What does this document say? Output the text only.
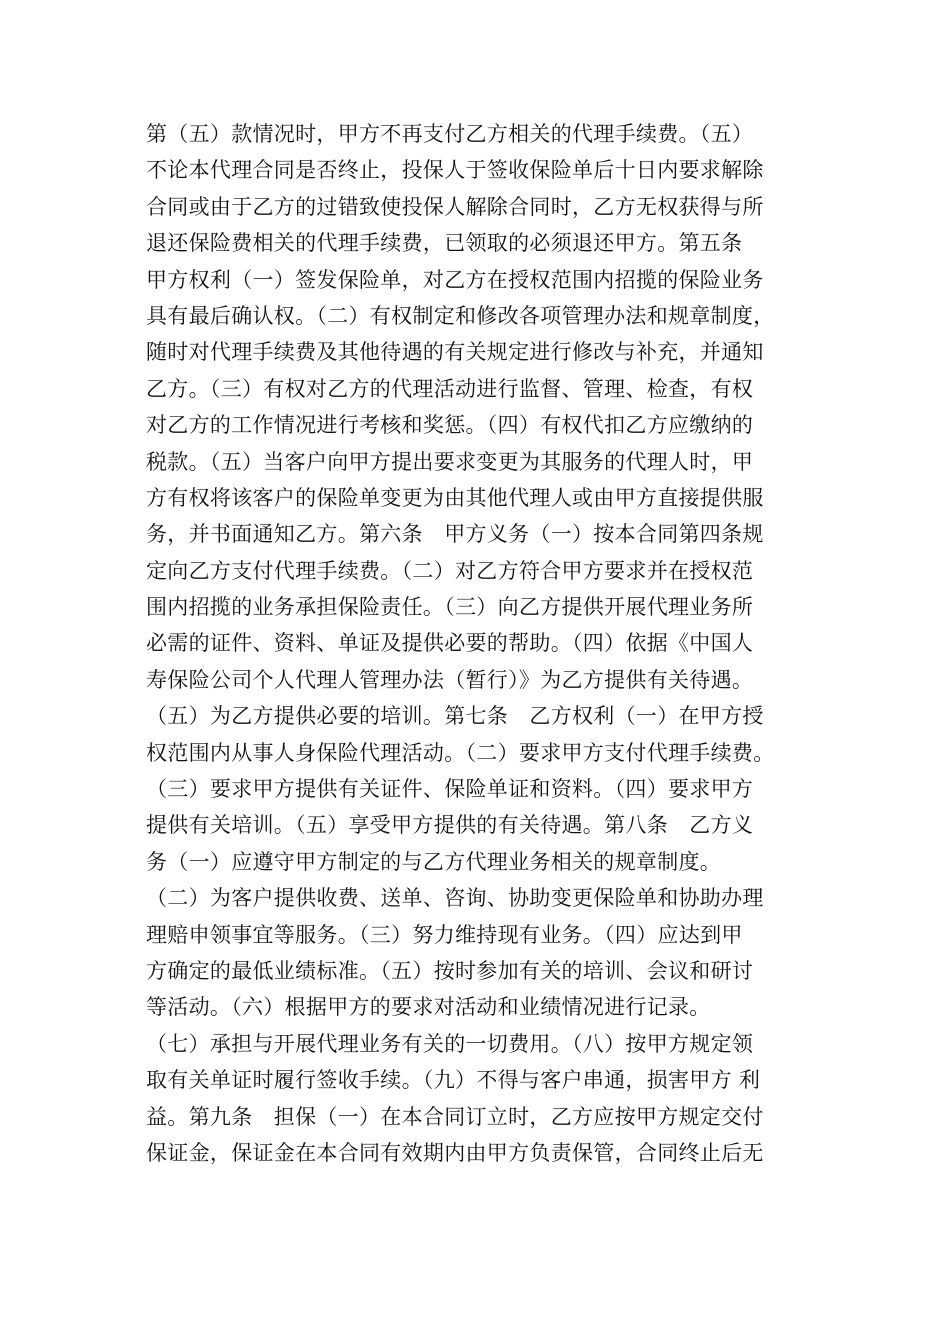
第（五）款情况时，甲方不再支付乙方相关的代理手续费。（五）
不论本代理合同是否终止，投保人于签收保险单后十日内要求解除
合同或由于乙方的过错致使投保人解除合同时，乙方无权获得与所
退还保险费相关的代理手续费，已领取的必须退还甲方。第五条
甲方权利（一）签发保险单，对乙方在授权范围内招揽的保险业务
具有最后确认权。（二）有权制定和修改各项管理办法和规章制度，
随时对代理手续费及其他待遇的有关规定进行修改与补充，并通知
乙方。（三）有权对乙方的代理活动进行监督、管理、检查，有权
对乙方的工作情况进行考核和奖惩。（四）有权代扣乙方应缴纳的
税款。（五）当客户向甲方提出要求变更为其服务的代理人时，甲
方有权将该客户的保险单变更为由其他代理人或由甲方直接提供服
务，并书面通知乙方。第六条　甲方义务（一）按本合同第四条规
定向乙方支付代理手续费。（二）对乙方符合甲方要求并在授权范
围内招揽的业务承担保险责任。（三）向乙方提供开展代理业务所
必需的证件、资料、单证及提供必要的帮助。（四）依据《中国人
寿保险公司个人代理人管理办法（暂行）》为乙方提供有关待遇。
（五）为乙方提供必要的培训。第七条　乙方权利（一）在甲方授
权范围内从事人身保险代理活动。（二）要求甲方支付代理手续费。
（三）要求甲方提供有关证件、保险单证和资料。（四）要求甲方
提供有关培训。（五）享受甲方提供的有关待遇。第八条　乙方义
务（一）应遵守甲方制定的与乙方代理业务相关的规章制度。
（二）为客户提供收费、送单、咨询、协助变更保险单和协助办理
理赔申领事宜等服务。（三）努力维持现有业务。（四）应达到甲
方确定的最低业绩标准。（五）按时参加有关的培训、会议和研讨
等活动。（六）根据甲方的要求对活动和业绩情况进行记录。
（七）承担与开展代理业务有关的一切费用。（八）按甲方规定领
取有关单证时履行签收手续。（九）不得与客户串通，损害甲方 利
益。第九条　担保（一）在本合同订立时，乙方应按甲方规定交付
保证金，保证金在本合同有效期内由甲方负责保管，合同终止后无
